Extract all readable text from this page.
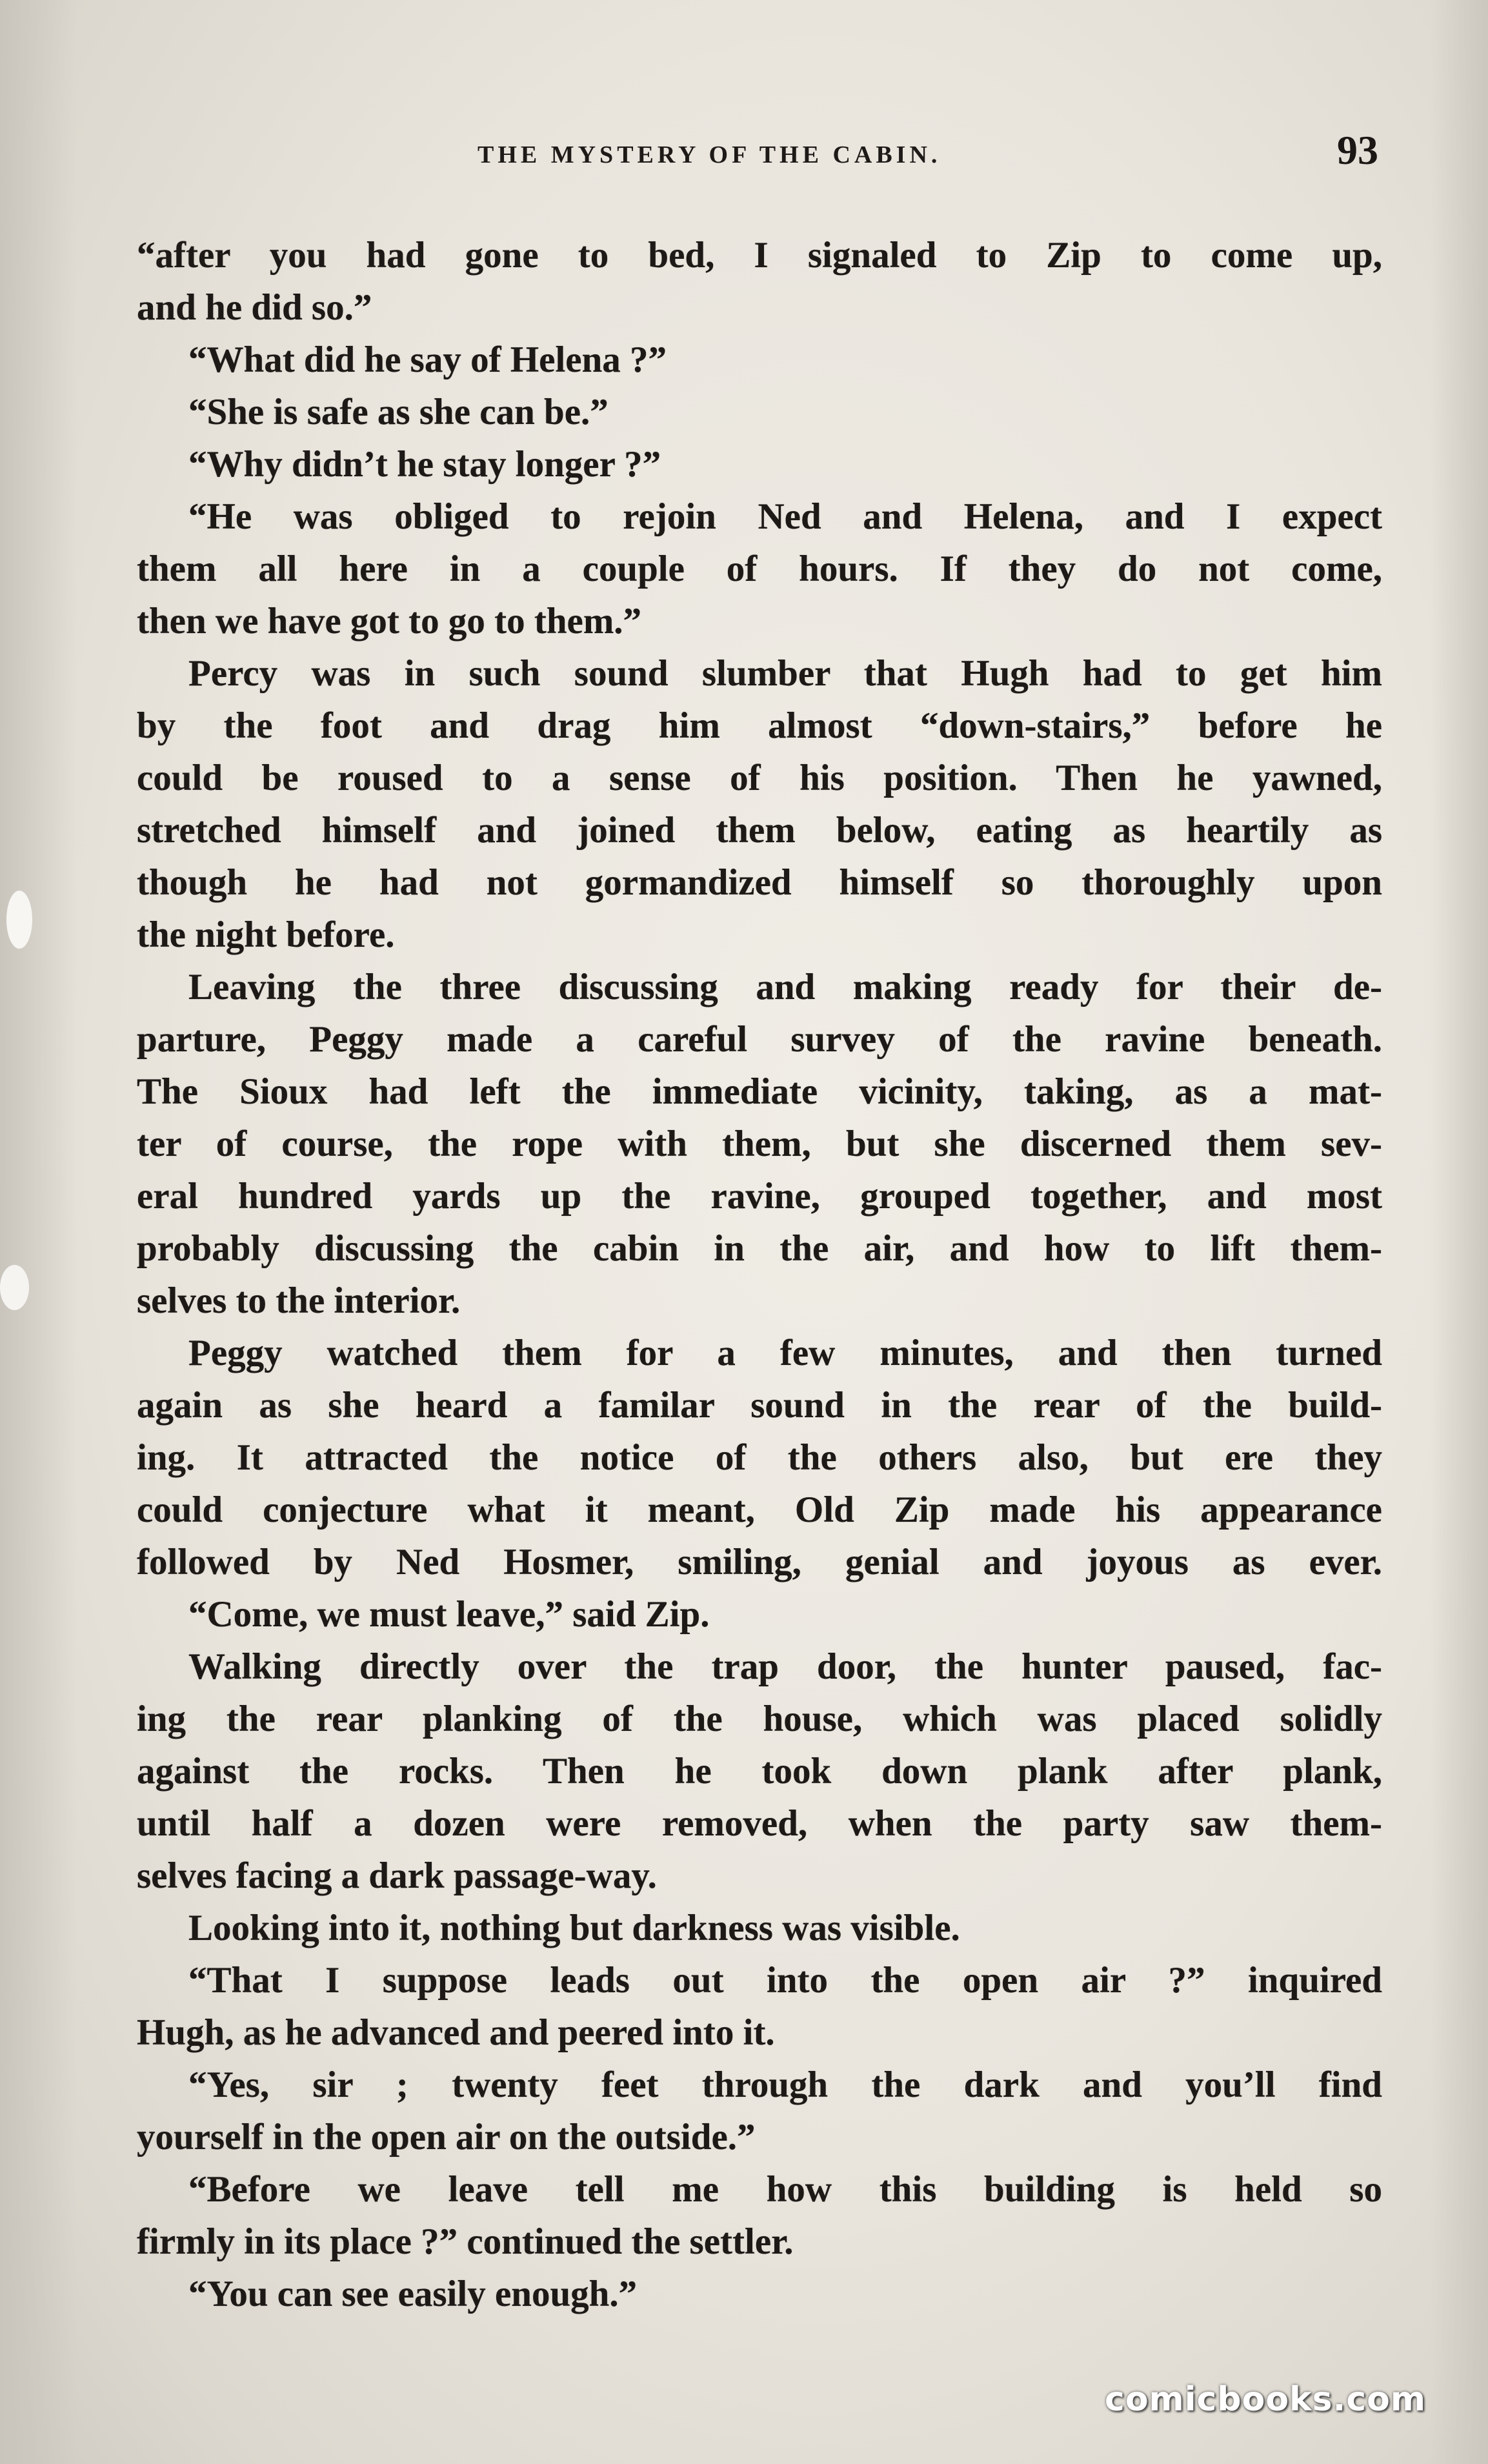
THE MYSTERY OF THE CABIN.	93
“after you had gone to bed, I signaled to Zip to come up,
and he did so.”
“What did he say of Helena ?”
“She is safe as she can be.”
“Why didn’t he stay longer ?”
“He was obliged to rejoin Ned and Helena, and I expect
them all here in a couple of hours. If they do not come,
then we have got to go to them.”
Percy was in such sound slumber that Hugh had to get him
by the foot and drag him almost “down-stairs,” before he
could be roused to a sense of his position. Then he yawned,
stretched himself and joined them below, eating as heartily as
though he had not gormandized himself so thoroughly upon
the night before.
Leaving the three discussing and making ready for their de-
parture, Peggy made a careful survey of the ravine beneath.
The Sioux had left the immediate vicinity, taking, as a mat-
ter of course, the rope with them, but she discerned them sev-
eral hundred yards up the ravine, grouped together, and most
probably discussing the cabin in the air, and how to lift them-
selves to the interior.
Peggy watched them for a few minutes, and then turned
again as she heard a familar sound in the rear of the build-
ing. It attracted the notice of the others also, but ere they
could conjecture what it meant, Old Zip made his appearance
followed by Ned Hosmer, smiling, genial and joyous as ever.
“Come, we must leave,” said Zip.
Walking directly over the trap door, the hunter paused, fac-
ing the rear planking of the house, which was placed solidly
against the rocks. Then he took down plank after plank,
until half a dozen were removed, when the party saw them-
selves facing a dark passage-way.
Looking into it, nothing but darkness was visible.
“That I suppose leads out into the open air ?” inquired
Hugh, as he advanced and peered into it.
“Yes, sir ; twenty feet through the dark and you’ll find
yourself in the open air on the outside.”
“Before we leave tell me how this building is held so
firmly in its place ?” continued the settler.
“You can see easily enough.”
comicbooks.com
